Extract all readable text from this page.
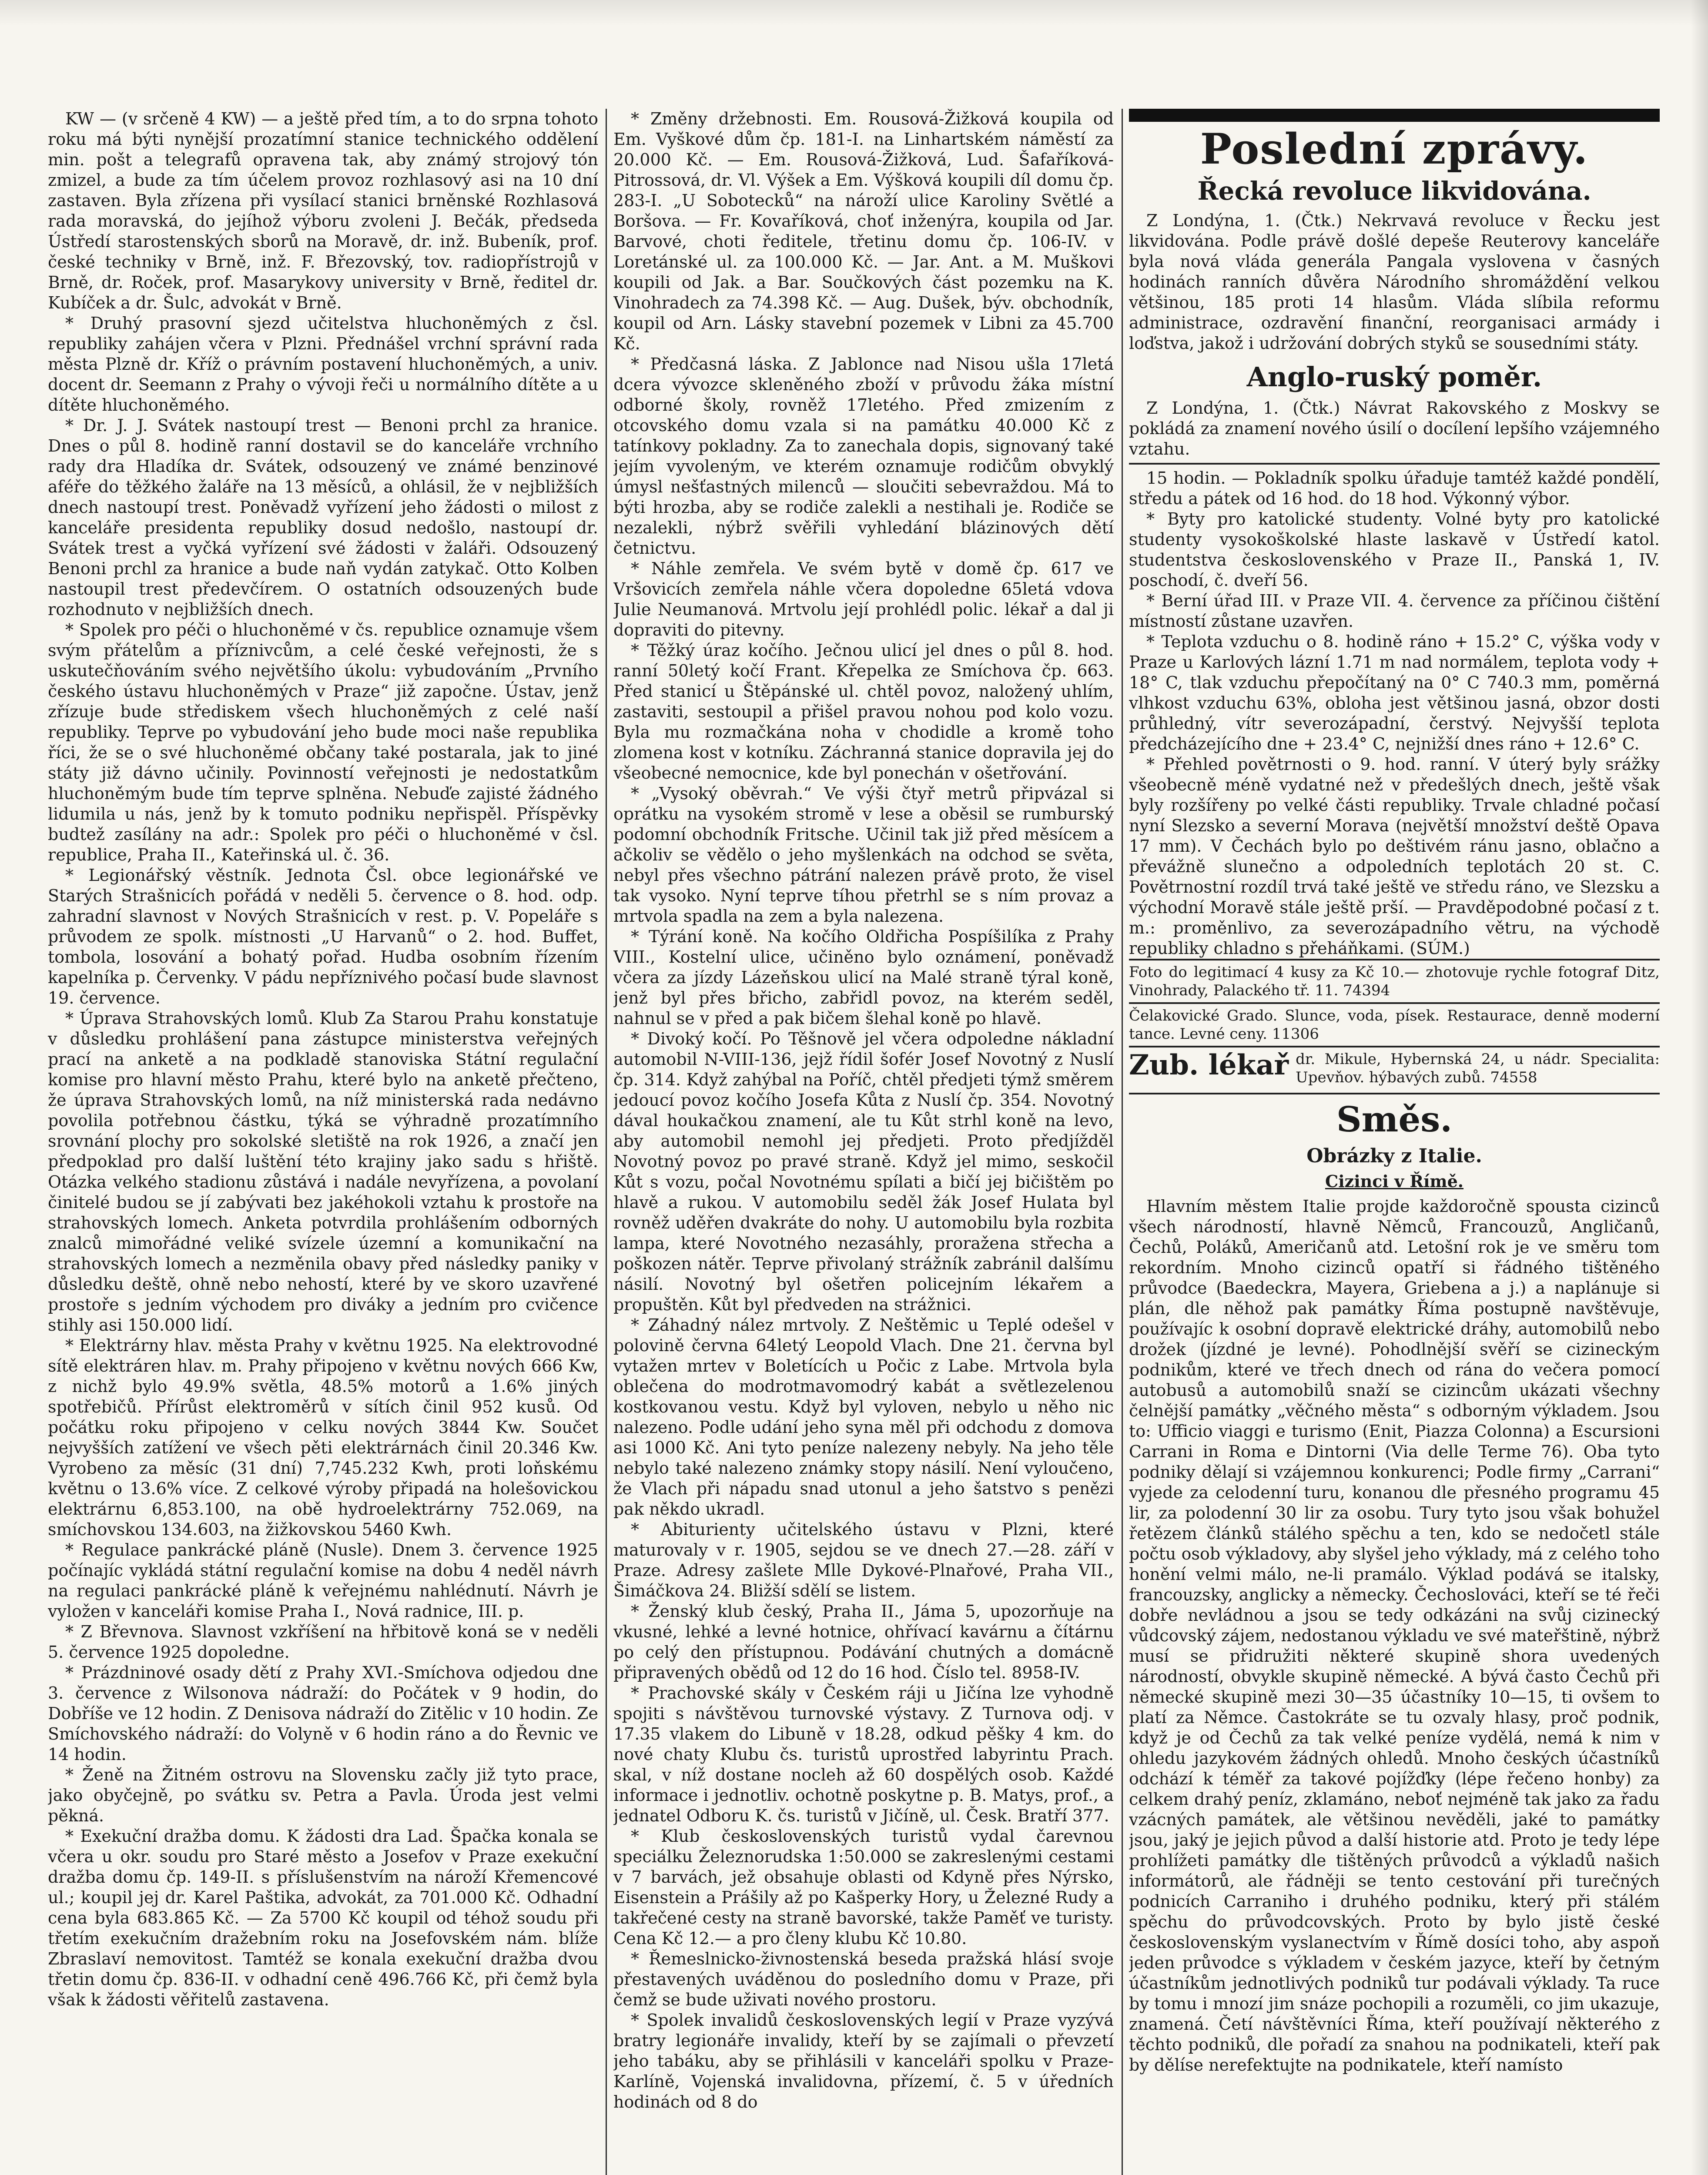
KW — (v srčeně 4 KW) — a ještě před tím, a to do srpna tohoto roku má býti nynější prozatímní stanice technického oddělení min. pošt a telegrafů opravena tak, aby známý strojový tón zmizel, a bude za tím účelem provoz rozhlasový asi na 10 dní zastaven. Byla zřízena při vysílací stanici brněnské Rozhlasová rada moravská, do jejíhož výboru zvoleni J. Bečák, předseda Ústředí starostenských sborů na Moravě, dr. inž. Bubeník, prof. české techniky v Brně, inž. F. Březovský, tov. radiopřístrojů v Brně, dr. Roček, prof. Masarykovy university v Brně, ředitel dr. Kubíček a dr. Šulc, advokát v Brně.

* Druhý prasovní sjezd učitelstva hluchoněmých z čsl. republiky zahájen včera v Plzni. Přednášel vrchní správní rada města Plzně dr. Kříž o právním postavení hluchoněmých, a univ. docent dr. Seemann z Prahy o vývoji řeči u normálního dítěte a u dítěte hluchoněmého.

* Dr. J. J. Svátek nastoupí trest — Benoni prchl za hranice. Dnes o půl 8. hodině ranní dostavil se do kanceláře vrchního rady dra Hladíka dr. Svátek, odsouzený ve známé benzinové aféře do těžkého žaláře na 13 měsíců, a ohlásil, že v nejbližších dnech nastoupí trest. Poněvadž vyřízení jeho žádosti o milost z kanceláře presidenta republiky dosud nedošlo, nastoupí dr. Svátek trest a vyčká vyřízení své žádosti v žaláři. Odsouzený Benoni prchl za hranice a bude naň vydán zatykač. Otto Kolben nastoupil trest předevčírem. O ostatních odsouzených bude rozhodnuto v nejbližších dnech.

* Spolek pro péči o hluchoněmé v čs. republice oznamuje všem svým přátelům a příznivcům, a celé české veřejnosti, že s uskutečňováním svého největšího úkolu: vybudováním „Prvního českého ústavu hluchoněmých v Praze“ již započne. Ústav, jenž zřízuje bude střediskem všech hluchoněmých z celé naší republiky. Teprve po vybudování jeho bude moci naše republika říci, že se o své hluchoněmé občany také postarala, jak to jiné státy již dávno učinily. Povinností veřejnosti je nedostatkům hluchoněmým bude tím teprve splněna. Nebuďe zajisté žádného lidumila u nás, jenž by k tomuto podniku nepřispěl. Příspěvky budtež zasílány na adr.: Spolek pro péči o hluchoněmé v čsl. republice, Praha II., Kateřinská ul. č. 36.

* Legionářský věstník. Jednota Čsl. obce legionářské ve Starých Strašnicích pořádá v neděli 5. července o 8. hod. odp. zahradní slavnost v Nových Strašnicích v rest. p. V. Popeláře s průvodem ze spolk. místnosti „U Harvanů“ o 2. hod. Buffet, tombola, losování a bohatý pořad. Hudba osobním řízením kapelníka p. Červenky. V pádu nepříznivého počasí bude slavnost 19. července.

* Úprava Strahovských lomů. Klub Za Starou Prahu konstatuje v důsledku prohlášení pana zástupce ministerstva veřejných prací na anketě a na podkladě stanoviska Státní regulační komise pro hlavní město Prahu, které bylo na anketě přečteno, že úprava Strahovských lomů, na níž ministerská rada nedávno povolila potřebnou částku, týká se výhradně prozatímního srovnání plochy pro sokolské sletiště na rok 1926, a značí jen předpoklad pro další luštění této krajiny jako sadu s hřiště. Otázka velkého stadionu zůstává i nadále nevyřízena, a povolaní činitelé budou se jí zabývati bez jakéhokoli vztahu k prostoře na strahovských lomech. Anketa potvrdila prohlášením odborných znalců mimořádné veliké svízele územní a komunikační na strahovských lomech a nezměnila obavy před následky paniky v důsledku deště, ohně nebo nehostí, které by ve skoro uzavřené prostoře s jedním východem pro diváky a jedním pro cvičence stihly asi 150.000 lidí.

* Elektrárny hlav. města Prahy v květnu 1925. Na elektrovodné sítě elektráren hlav. m. Prahy připojeno v květnu nových 666 Kw, z nichž bylo 49.9% světla, 48.5% motorů a 1.6% jiných spotřebičů. Přírůst elektroměrů v sítích činil 952 kusů. Od počátku roku připojeno v celku nových 3844 Kw. Součet nejvyšších zatížení ve všech pěti elektrárnách činil 20.346 Kw. Vyrobeno za měsíc (31 dní) 7,745.232 Kwh, proti loňskému květnu o 13.6% více. Z celkové výroby připadá na holešovickou elektrárnu 6,853.100, na obě hydroelektrárny 752.069, na smíchovskou 134.603, na žižkovskou 5460 Kwh.

* Regulace pankrácké pláně (Nusle). Dnem 3. července 1925 počínajíc vykládá státní regulační komise na dobu 4 neděl návrh na regulaci pankrácké pláně k veřejnému nahlédnutí. Návrh je vyložen v kanceláři komise Praha I., Nová radnice, III. p.

* Z Břevnova. Slavnost vzkříšení na hřbitově koná se v neděli 5. července 1925 dopoledne.

* Prázdninové osady dětí z Prahy XVI.-Smíchova odjedou dne 3. července z Wilsonova nádraží: do Počátek v 9 hodin, do Dobříše ve 12 hodin. Z Denisova nádraží do Zitělic v 10 hodin. Ze Smíchovského nádraží: do Volyně v 6 hodin ráno a do Řevnic ve 14 hodin.

* Ženě na Žitném ostrovu na Slovensku začly již tyto prace, jako obyčejně, po svátku sv. Petra a Pavla. Úroda jest velmi pěkná.

* Exekuční dražba domu. K žádosti dra Lad. Špačka konala se včera u okr. soudu pro Staré město a Josefov v Praze exekuční dražba domu čp. 149-II. s příslušenstvím na nároží Křemencové ul.; koupil jej dr. Karel Paštika, advokát, za 701.000 Kč. Odhadní cena byla 683.865 Kč. — Za 5700 Kč koupil od téhož soudu při třetím exekučním dražebním roku na Josefovském nám. blíže Zbraslaví nemovitost. Tamtéž se konala exekuční dražba dvou třetin domu čp. 836-II. v odhadní ceně 496.766 Kč, při čemž byla však k žádosti věřitelů zastavena.

* Změny držebnosti. Em. Rousová-Žižková koupila od Em. Vyškové dům čp. 181-I. na Linhartském náměstí za 20.000 Kč. — Em. Rousová-Žižková, Lud. Šafaříková-Pitrossová, dr. Vl. Výšek a Em. Výšková koupili díl domu čp. 283-I. „U Sobotecků“ na nároží ulice Karoliny Světlé a Boršova. — Fr. Kovaříková, choť inženýra, koupila od Jar. Barvové, choti ředitele, třetinu domu čp. 106-IV. v Loretánské ul. za 100.000 Kč. — Jar. Ant. a M. Muškovi koupili od Jak. a Bar. Součkových část pozemku na K. Vinohradech za 74.398 Kč. — Aug. Dušek, býv. obchodník, koupil od Arn. Lásky stavební pozemek v Libni za 45.700 Kč.

* Předčasná láska. Z Jablonce nad Nisou ušla 17letá dcera vývozce skleněného zboží v průvodu žáka místní odborné školy, rovněž 17letého. Před zmizením z otcovského domu vzala si na památku 40.000 Kč z tatínkovy pokladny. Za to zanechala dopis, signovaný také jejím vyvoleným, ve kterém oznamuje rodičům obvyklý úmysl nešťastných milenců — sloučiti sebevraždou. Má to býti hrozba, aby se rodiče zalekli a nestihali je. Rodiče se nezalekli, nýbrž svěřili vyhledání blázinových dětí četnictvu.

* Náhle zemřela. Ve svém bytě v domě čp. 617 ve Vršovicích zemřela náhle včera dopoledne 65letá vdova Julie Neumanová. Mrtvolu její prohlédl polic. lékař a dal ji dopraviti do pitevny.

* Těžký úraz kočího. Ječnou ulicí jel dnes o půl 8. hod. ranní 50letý kočí Frant. Křepelka ze Smíchova čp. 663. Před stanicí u Štěpánské ul. chtěl povoz, naložený uhlím, zastaviti, sestoupil a přišel pravou nohou pod kolo vozu. Byla mu rozmačkána noha v chodidle a kromě toho zlomena kost v kotníku. Záchranná stanice dopravila jej do všeobecné nemocnice, kde byl ponechán v ošetřování.

* „Vysoký oběvrah.“ Ve výši čtyř metrů připvázal si oprátku na vysokém stromě v lese a oběsil se rumburský podomní obchodník Fritsche. Učinil tak již před měsícem a ačkoliv se vědělo o jeho myšlenkách na odchod se světa, nebyl přes všechno pátrání nalezen právě proto, že visel tak vysoko. Nyní teprve tíhou přetrhl se s ním provaz a mrtvola spadla na zem a byla nalezena.

* Týrání koně. Na kočího Oldřicha Pospíšilíka z Prahy VIII., Kostelní ulice, učiněno bylo oznámení, poněvadž včera za jízdy Lázeňskou ulicí na Malé straně týral koně, jenž byl přes břicho, zabřidl povoz, na kterém seděl, nahnul se v před a pak bičem šlehal koně po hlavě.

* Divoký kočí. Po Těšnově jel včera odpoledne nákladní automobil N-VIII-136, jejž řídil šofér Josef Novotný z Nuslí čp. 314. Když zahýbal na Poříč, chtěl předjeti týmž směrem jedoucí povoz kočího Josefa Kůta z Nuslí čp. 354. Novotný dával houkačkou znamení, ale tu Kůt strhl koně na levo, aby automobil nemohl jej předjeti. Proto předjížděl Novotný povoz po pravé straně. Když jel mimo, seskočil Kůt s vozu, počal Novotnému spílati a bičí jej bičištěm po hlavě a rukou. V automobilu seděl žák Josef Hulata byl rovněž uděřen dvakráte do nohy. U automobilu byla rozbita lampa, které Novotného nezasáhly, proražena střecha a poškozen nátěr. Teprve přivolaný strážník zabránil dalšímu násilí. Novotný byl ošetřen policejním lékařem a propuštěn. Kůt byl předveden na strážnici.

* Záhadný nález mrtvoly. Z Neštěmic u Teplé odešel v polovině června 64letý Leopold Vlach. Dne 21. června byl vytažen mrtev v Boletících u Počic z Labe. Mrtvola byla oblečena do modrotmavomodrý kabát a světlezelenou kostkovanou vestu. Když byl vyloven, nebylo u něho nic nalezeno. Podle udání jeho syna měl při odchodu z domova asi 1000 Kč. Ani tyto peníze nalezeny nebyly. Na jeho těle nebylo také nalezeno známky stopy násilí. Není vyloučeno, že Vlach při nápadu snad utonul a jeho šatstvo s penězi pak někdo ukradl.

* Abiturienty učitelského ústavu v Plzni, které maturovaly v r. 1905, sejdou se ve dnech 27.—28. září v Praze. Adresy zašlete Mlle Dykové-Plnařové, Praha VII., Šimáčkova 24. Bližší sdělí se listem.

* Ženský klub český, Praha II., Jáma 5, upozorňuje na vkusné, lehké a levné hotnice, ohřívací kavárnu a čítárnu po celý den přístupnou. Podávání chutných a domácně připravených obědů od 12 do 16 hod. Číslo tel. 8958-IV.

* Prachovské skály v Českém ráji u Jičína lze vyhodně spojiti s návštěvou turnovské výstavy. Z Turnova odj. v 17.35 vlakem do Libuně v 18.28, odkud pěšky 4 km. do nové chaty Klubu čs. turistů uprostřed labyrintu Prach. skal, v níž dostane nocleh až 60 dospělých osob. Každé informace i jednotliv. ochotně poskytne p. B. Matys, prof., a jednatel Odboru K. čs. turistů v Jičíně, ul. Česk. Bratří 377.

* Klub československých turistů vydal čarevnou speciálku Železnorudska 1:50.000 se zakreslenými cestami v 7 barvách, jež obsahuje oblasti od Kdyně přes Nýrsko, Eisenstein a Prášily až po Kašperky Hory, u Železné Rudy a takřečené cesty na straně bavorské, takže Paměť ve turisty. Cena Kč 12.— a pro členy klubu Kč 10.80.

* Řemeslnicko-živnostenská beseda pražská hlásí svoje přestavených uváděnou do posledního domu v Praze, při čemž se bude uživati nového prostoru.

* Spolek invalidů československých legií v Praze vyzývá bratry legionáře invalidy, kteří by se zajímali o převzetí jeho tabáku, aby se přihlásili v kanceláři spolku v Praze-Karlíně, Vojenská invalidovna, přízemí, č. 5 v úředních hodinách od 8 do

Poslední zprávy.
Řecká revoluce likvidována.

Z Londýna, 1. (Čtk.) Nekrvavá revoluce v Řecku jest likvidována. Podle právě došlé depeše Reuterovy kanceláře byla nová vláda generála Pangala vyslovena v časných hodinách ranních důvěra Národního shromáždění velkou většinou, 185 proti 14 hlasům. Vláda slíbila reformu administrace, ozdravění finanční, reorganisaci armády i loďstva, jakož i udržování dobrých styků se sousedními státy.

Anglo-ruský poměr.

Z Londýna, 1. (Čtk.) Návrat Rakovského z Moskvy se pokládá za znamení nového úsilí o docílení lepšího vzájemného vztahu.

15 hodin. — Pokladník spolku úřaduje tamtéž každé pondělí, středu a pátek od 16 hod. do 18 hod. Výkonný výbor.

* Byty pro katolické studenty. Volné byty pro katolické studenty vysokoškolské hlaste laskavě v Ústředí katol. studentstva československého v Praze II., Panská 1, IV. poschodí, č. dveří 56.

* Berní úřad III. v Praze VII. 4. července za příčinou čištění místností zůstane uzavřen.

* Teplota vzduchu o 8. hodině ráno + 15.2° C, výška vody v Praze u Karlových lázní 1.71 m nad normálem, teplota vody + 18° C, tlak vzduchu přepočítaný na 0° C 740.3 mm, poměrná vlhkost vzduchu 63%, obloha jest většinou jasná, obzor dosti průhledný, vítr severozápadní, čerstvý. Nejvyšší teplota předcházejícího dne + 23.4° C, nejnižší dnes ráno + 12.6° C.

* Přehled povětrnosti o 9. hod. ranní. V úterý byly srážky všeobecně méně vydatné než v předešlých dnech, ještě však byly rozšířeny po velké části republiky. Trvale chladné počasí nyní Slezsko a severní Morava (největší množství deště Opava 17 mm). V Čechách bylo po deštivém ránu jasno, oblačno a převážně slunečno a odpoledních teplotách 20 st. C. Povětrnostní rozdíl trvá také ještě ve středu ráno, ve Slezsku a východní Moravě stále ještě prší. — Pravděpodobné počasí z t. m.: proměnlivo, za severozápadního větru, na východě republiky chladno s přeháňkami. (SÚM.)

Foto do legitimací 4 kusy za Kč 10.— zhotovuje rychle fotograf Ditz, Vinohrady, Palackého tř. 11. 74394
Čelakovické Grado. Slunce, voda, písek. Restaurace, denně moderní tance. Levné ceny. 11306
Zub. lékař dr. Mikule, Hybernská 24, u nádr. Specialita: Upevňov. hýbavých zubů. 74558
Směs.
Obrázky z Italie.
Cizinci v Římě.

Hlavním městem Italie projde každoročně spousta cizinců všech národností, hlavně Němců, Francouzů, Angličanů, Čechů, Poláků, Američanů atd. Letošní rok je ve směru tom rekordním. Mnoho cizinců opatří si řádného tištěného průvodce (Baedeckra, Mayera, Griebena a j.) a naplánuje si plán, dle něhož pak památky Říma postupně navštěvuje, používajíc k osobní dopravě elektrické dráhy, automobilů nebo drožek (jízdné je levné). Pohodlnější svěří se cizineckým podnikům, které ve třech dnech od rána do večera pomocí autobusů a automobilů snaží se cizincům ukázati všechny čelnější památky „věčného města“ s odborným výkladem. Jsou to: Ufficio viaggi e turismo (Enit, Piazza Colonna) a Escursioni Carrani in Roma e Dintorni (Via delle Terme 76). Oba tyto podniky dělají si vzájemnou konkurenci; Podle firmy „Carrani“ vyjede za celodenní turu, konanou dle přesného programu 45 lir, za polodenní 30 lir za osobu. Tury tyto jsou však bohužel řetězem článků stálého spěchu a ten, kdo se nedočetl stále počtu osob výkladovy, aby slyšel jeho výklady, má z celého toho honění velmi málo, ne-li pramálo. Výklad podává se italsky, francouzsky, anglicky a německy. Čechoslováci, kteří se té řeči dobře nevládnou a jsou se tedy odkázáni na svůj cizinecký vůdcovský zájem, nedostanou výkladu ve své mateřštině, nýbrž musí se přidružiti některé skupině shora uvedených národností, obvykle skupině německé. A bývá často Čechů při německé skupině mezi 30—35 účastníky 10—15, ti ovšem to platí za Němce. Častokráte se tu ozvaly hlasy, proč podnik, když je od Čechů za tak velké peníze vydělá, nemá k nim v ohledu jazykovém žádných ohledů. Mnoho českých účastníků odchází k téměř za takové pojížďky (lépe řečeno honby) za celkem drahý peníz, zklamáno, neboť nejméně tak jako za řadu vzácných památek, ale většinou nevěděli, jaké to památky jsou, jaký je jejich původ a další historie atd. Proto je tedy lépe prohlížeti památky dle tištěných průvodců a výkladů našich informátorů, ale řádněji se tento cestování při turečných podnicích Carraniho i druhého podniku, který při stálém spěchu do průvodcovských. Proto by bylo jistě české československým vyslanectvím v Římě dosíci toho, aby aspoň jeden průvodce s výkladem v českém jazyce, kteří by četným účastníkům jednotlivých podniků tur podávali výklady. Ta ruce by tomu i mnozí jim snáze pochopili a rozuměli, co jim ukazuje, znamená. Četí návštěvníci Říma, kteří používají některého z těchto podniků, dle pořadí za snahou na podnikateli, kteří pak by dělíse nerefektujte na podnikatele, kteří namísto
